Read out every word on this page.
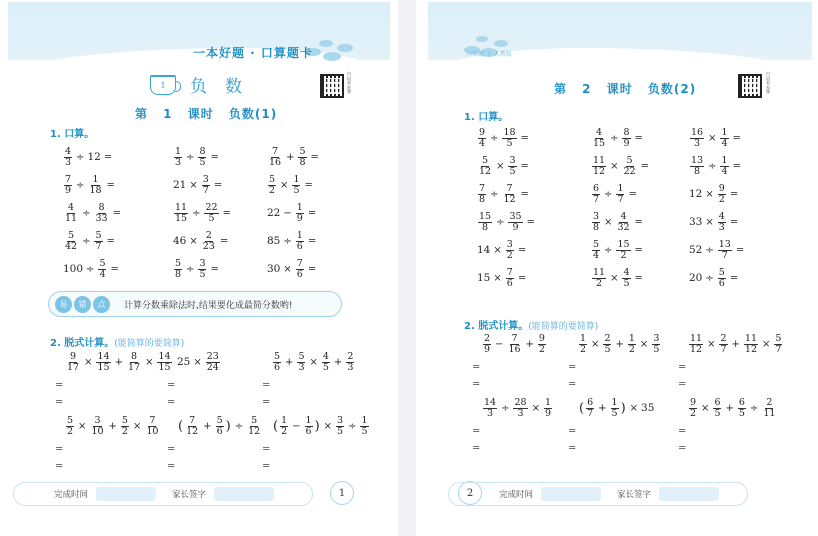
一本好题 · 口算题卡
1	负数
扫码看视频
第 1 课时 负数(1)
1. 口算。
$\frac{4}{3} \div 12$ =	$\frac{1}{3} \div \frac{8}{5}$ =	$\frac{7}{16} + \frac{5}{8}$ =
$\frac{7}{9} \div \frac{1}{18}$ =	$21 \times \frac{3}{7}$ =	$\frac{5}{2} \times \frac{1}{5}$ =
$\frac{4}{11} \div \frac{8}{33}$ =	$\frac{11}{15} \div \frac{22}{5}$ =	$22 - \frac{1}{9}$ =
$\frac{5}{42} \div \frac{5}{7}$ =	$46 \times \frac{2}{23}$ =	$85 \div \frac{1}{6}$ =
$100 \div \frac{5}{4}$ =	$\frac{5}{8} \div \frac{3}{5}$ =	$30 \times \frac{7}{6}$ =
易	错	点	计算分数乘除法时,结果要化成最简分数哟!
2. 脱式计算。(能简算的要简算)
$\frac{9}{17} \times \frac{14}{15} + \frac{8}{17} \times \frac{14}{15}$
=
=
$25 \times \frac{23}{24}$
=
=
$\frac{5}{6} + \frac{5}{3} \times \frac{4}{5} + \frac{2}{3}$
=
=
$\frac{5}{2} \times \frac{3}{10} + \frac{5}{2} \times \frac{7}{10}$
=
=
( $\frac{7}{12} + \frac{5}{6}$ ) ÷ $\frac{5}{12}$
=
=
( $\frac{1}{2} - \frac{1}{6}$ ) × $\frac{3}{5} \div \frac{1}{5}$
=
=
完成时间	家长签字	1
六年级 下 人教版
第 2 课时 负数(2)
扫码看视频
1. 口算。
$\frac{9}{4} \div \frac{18}{5}$ =	$\frac{4}{15} \div \frac{8}{9}$ =	$\frac{16}{3} \times \frac{1}{4}$ =
$\frac{5}{12} \times \frac{3}{5}$ =	$\frac{11}{12} \times \frac{5}{22}$ =	$\frac{13}{8} \div \frac{1}{4}$ =
$\frac{7}{8} \div \frac{7}{12}$ =	$\frac{6}{7} \div \frac{1}{7}$ =	$12 \times \frac{9}{2}$ =
$\frac{15}{8} \div \frac{35}{9}$ =	$\frac{3}{8} \times \frac{4}{32}$ =	$33 \times \frac{4}{3}$ =
$14 \times \frac{3}{2}$ =	$\frac{5}{4} \div \frac{15}{2}$ =	$52 \div \frac{13}{7}$ =
$15 \times \frac{7}{6}$ =	$\frac{11}{2} \times \frac{4}{5}$ =	$20 \div \frac{5}{6}$ =
2. 脱式计算。(能简算的要简算)
$\frac{2}{9} - \frac{7}{16} + \frac{9}{2}$
=
=
$\frac{1}{2} \times \frac{2}{5} + \frac{1}{2} \times \frac{3}{5}$
=
=
$\frac{11}{12} \times \frac{2}{7} + \frac{11}{12} \times \frac{5}{7}$
=
=
$\frac{14}{3} \div \frac{28}{3} \times \frac{1}{9}$
=
=
( $\frac{6}{7} + \frac{1}{5}$ ) × 35
=
=
$\frac{9}{2} \times \frac{6}{5} + \frac{6}{5} \div \frac{2}{11}$
=
=
2	完成时间	家长签字
